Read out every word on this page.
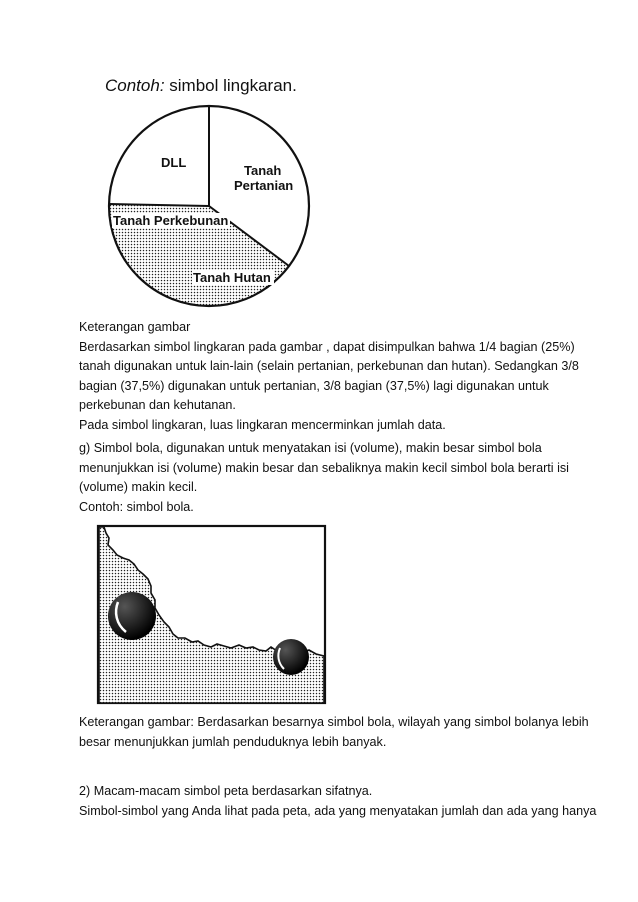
Contoh: simbol lingkaran.
DLL
Tanah
Pertanian
Tanah Perkebunan
Tanah Hutan
Keterangan gambar
Berdasarkan simbol lingkaran pada gambar , dapat disimpulkan bahwa 1/4 bagian (25%)
tanah digunakan untuk lain-lain (selain pertanian, perkebunan dan hutan). Sedangkan 3/8
bagian (37,5%) digunakan untuk pertanian, 3/8 bagian (37,5%) lagi digunakan untuk
perkebunan dan kehutanan.
Pada simbol lingkaran, luas lingkaran mencerminkan jumlah data.
g) Simbol bola, digunakan untuk menyatakan isi (volume), makin besar simbol bola
menunjukkan isi (volume) makin besar dan sebaliknya makin kecil simbol bola berarti isi
(volume) makin kecil.
Contoh: simbol bola.
Keterangan gambar: Berdasarkan besarnya simbol bola, wilayah yang simbol bolanya lebih
besar menunjukkan jumlah penduduknya lebih banyak.
2) Macam-macam simbol peta berdasarkan sifatnya.
Simbol-simbol yang Anda lihat pada peta, ada yang menyatakan jumlah dan ada yang hanya
